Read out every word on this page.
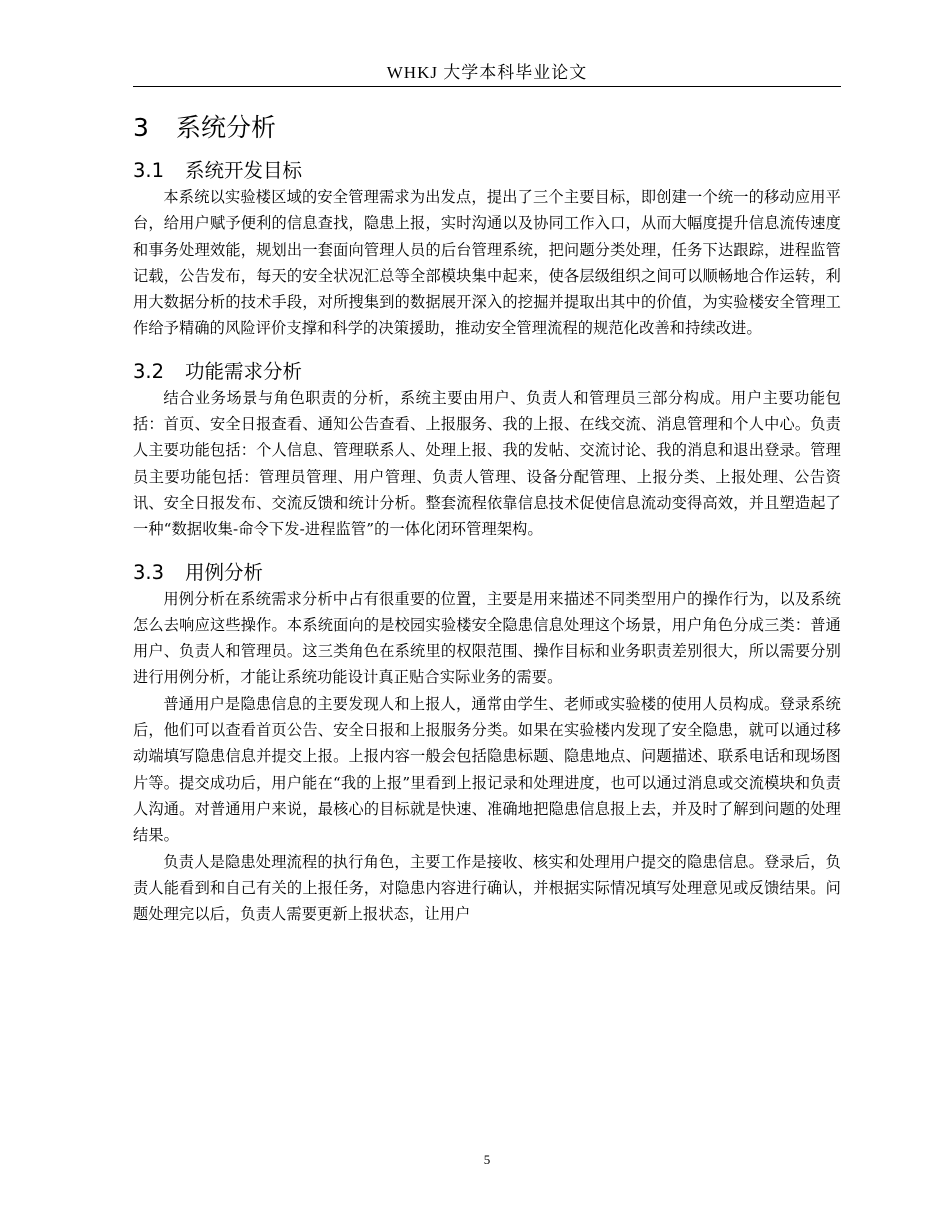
WHKJ 大学本科毕业论文
3 系统分析
3.1 系统开发目标

本系统以实验楼区域的安全管理需求为出发点，提出了三个主要目标，即创建一个统一的移动应用平台，给用户赋予便利的信息查找，隐患上报，实时沟通以及协同工作入口，从而大幅度提升信息流传速度和事务处理效能，规划出一套面向管理人员的后台管理系统，把问题分类处理，任务下达跟踪，进程监管记载，公告发布，每天的安全状况汇总等全部模块集中起来，使各层级组织之间可以顺畅地合作运转，利用大数据分析的技术手段，对所搜集到的数据展开深入的挖掘并提取出其中的价值，为实验楼安全管理工作给予精确的风险评价支撑和科学的决策援助，推动安全管理流程的规范化改善和持续改进。

3.2 功能需求分析

结合业务场景与角色职责的分析，系统主要由用户、负责人和管理员三部分构成。用户主要功能包括：首页、安全日报查看、通知公告查看、上报服务、我的上报、在线交流、消息管理和个人中心。负责人主要功能包括：个人信息、管理联系人、处理上报、我的发帖、交流讨论、我的消息和退出登录。管理员主要功能包括：管理员管理、用户管理、负责人管理、设备分配管理、上报分类、上报处理、公告资讯、安全日报发布、交流反馈和统计分析。整套流程依靠信息技术促使信息流动变得高效，并且塑造起了一种“数据收集-命令下发-进程监管”的一体化闭环管理架构。

3.3 用例分析

用例分析在系统需求分析中占有很重要的位置，主要是用来描述不同类型用户的操作行为，以及系统怎么去响应这些操作。本系统面向的是校园实验楼安全隐患信息处理这个场景，用户角色分成三类：普通用户、负责人和管理员。这三类角色在系统里的权限范围、操作目标和业务职责差别很大，所以需要分别进行用例分析，才能让系统功能设计真正贴合实际业务的需要。

普通用户是隐患信息的主要发现人和上报人，通常由学生、老师或实验楼的使用人员构成。登录系统后，他们可以查看首页公告、安全日报和上报服务分类。如果在实验楼内发现了安全隐患，就可以通过移动端填写隐患信息并提交上报。上报内容一般会包括隐患标题、隐患地点、问题描述、联系电话和现场图片等。提交成功后，用户能在“我的上报”里看到上报记录和处理进度，也可以通过消息或交流模块和负责人沟通。对普通用户来说，最核心的目标就是快速、准确地把隐患信息报上去，并及时了解到问题的处理结果。

负责人是隐患处理流程的执行角色，主要工作是接收、核实和处理用户提交的隐患信息。登录后，负责人能看到和自己有关的上报任务，对隐患内容进行确认，并根据实际情况填写处理意见或反馈结果。问题处理完以后，负责人需要更新上报状态，让用户

5
